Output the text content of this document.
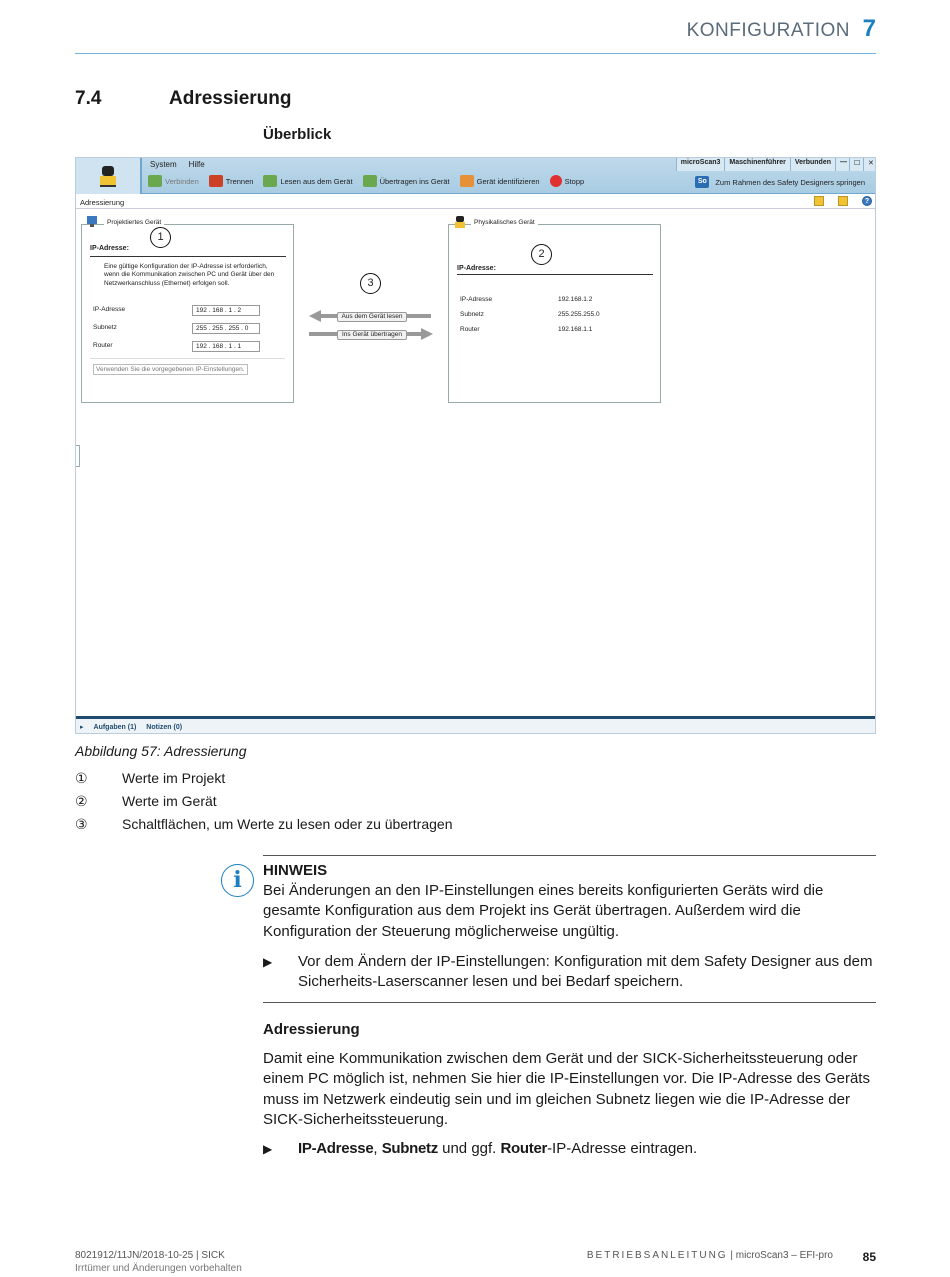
KONFIGURATION 7
7.4	Adressierung
Überblick
System Hilfe	microScan3	Maschinenführer	Verbunden	—	☐	✕
Verbinden	Trennen	Lesen aus dem Gerät	Übertragen ins Gerät	Gerät identifizieren	Stopp	So	Zum Rahmen des Safety Designers springen
Adressierung	?
Projektiertes Gerät
IP-Adresse:
Eine gültige Konfiguration der IP-Adresse ist erforderlich, wenn die Kommunikation zwischen PC und Gerät über den Netzwerkanschluss (Ethernet) erfolgen soll.
IP-Adresse	192 . 168 . 1 . 2
Subnetz	255 . 255 . 255 . 0
Router	192 . 168 . 1 . 1
Verwenden Sie die vorgegebenen IP-Einstellungen.
Physikalisches Gerät
IP-Adresse:
IP-Adresse	192.168.1.2
Subnetz	255.255.255.0
Router	192.168.1.1
Aus dem Gerät lesen
Ins Gerät übertragen
1
2
3
▸ Aufgaben (1) Notizen (0)
Abbildung 57: Adressierung
① Werte im Projekt
② Werte im Gerät
③ Schaltflächen, um Werte zu lesen oder zu übertragen
i	HINWEIS
Bei Änderungen an den IP-Einstellungen eines bereits konfigurierten Geräts wird die gesamte Konfiguration aus dem Projekt ins Gerät übertragen. Außerdem wird die Konfiguration der Steuerung möglicherweise ungültig.
▶ Vor dem Ändern der IP-Einstellungen: Konfiguration mit dem Safety Designer aus dem Sicherheits-Laserscanner lesen und bei Bedarf speichern.
Adressierung
Damit eine Kommunikation zwischen dem Gerät und der SICK-Sicherheitssteuerung oder einem PC möglich ist, nehmen Sie hier die IP-Einstellungen vor. Die IP-Adresse des Geräts muss im Netzwerk eindeutig sein und im gleichen Subnetz liegen wie die IP-Adresse der SICK-Sicherheitssteuerung.
▶ IP-Adresse, Subnetz und ggf. Router-IP-Adresse eintragen.
8021912/11JN/2018-10-25 | SICK
Irrtümer und Änderungen vorbehalten
BETRIEBSANLEITUNG | microScan3 – EFI-pro 85
